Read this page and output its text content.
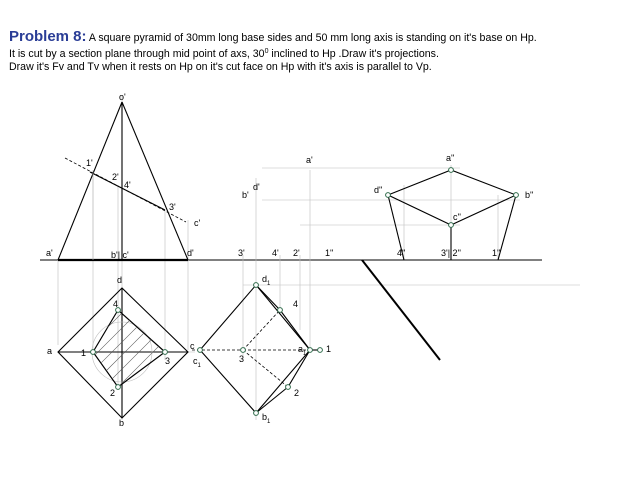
Problem 8: A square pyramid of 30mm long base sides and 50 mm long axis is standing on it's base on Hp.
It is cut by a section plane through mid point of axs, $30^0$ inclined to Hp .Draw it's projections.
Draw it's Fv and Tv when it rests on Hp on it's cut face on Hp with it's axis is parallel to Vp.
o'
1'
2'
4'
3'
c'
a'	b'| c'	d'
d
4
a	1
3
c
2
b
a'
b'
d'
3'	4' 2'	1''
$d_1$
4
$c_1$
3
$a_1$ 1
2
$b_1$
a''
d''	b''
c''
4''	3'| 2''	1''
